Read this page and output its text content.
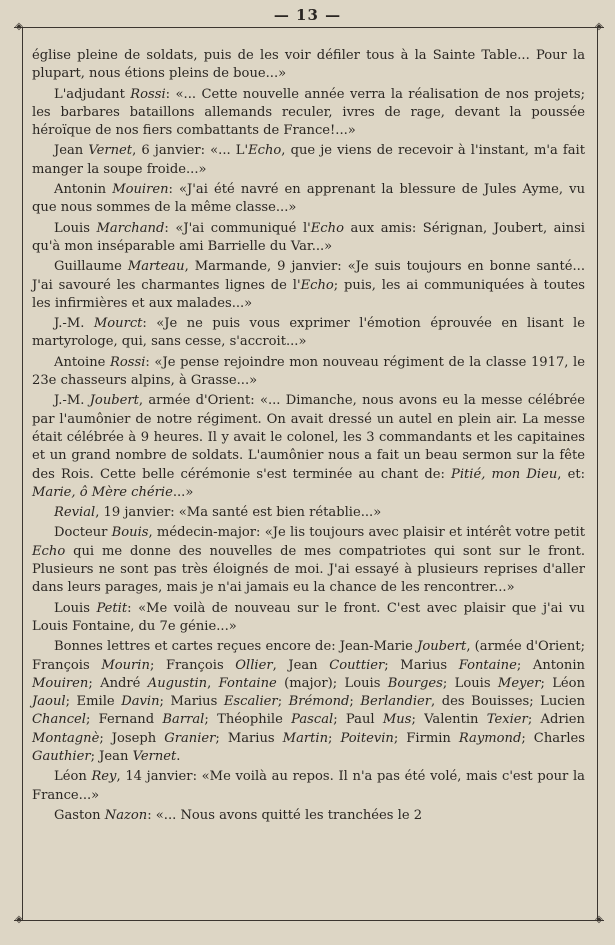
— 13 —
◈	◈
◈	◈

église pleine de soldats, puis de les voir défiler tous à la Sainte Table... Pour la plupart, nous étions pleins de boue...»

L'adjudant Rossi: «... Cette nouvelle année verra la réalisation de nos projets; les barbares bataillons allemands reculer, ivres de rage, devant la poussée héroïque de nos fiers combattants de France!...»

Jean Vernet, 6 janvier: «... L'Echo, que je viens de recevoir à l'instant, m'a fait manger la soupe froide...»

Antonin Mouiren: «J'ai été navré en apprenant la blessure de Jules Ayme, vu que nous sommes de la même classe...»

Louis Marchand: «J'ai communiqué l'Echo aux amis: Sérignan, Joubert, ainsi qu'à mon inséparable ami Barrielle du Var...»

Guillaume Marteau, Marmande, 9 janvier: «Je suis toujours en bonne santé... J'ai savouré les charmantes lignes de l'Echo; puis, les ai communiquées à toutes les infirmières et aux malades...»

J.-M. Mourct: «Je ne puis vous exprimer l'émotion éprouvée en lisant le martyrologe, qui, sans cesse, s'accroit...»

Antoine Rossi: «Je pense rejoindre mon nouveau régiment de la classe 1917, le 23e chasseurs alpins, à Grasse...»

J.-M. Joubert, armée d'Orient: «... Dimanche, nous avons eu la messe célébrée par l'aumônier de notre régiment. On avait dressé un autel en plein air. La messe était célébrée à 9 heures. Il y avait le colonel, les 3 commandants et les capitaines et un grand nombre de soldats. L'aumônier nous a fait un beau sermon sur la fête des Rois. Cette belle cérémonie s'est terminée au chant de: Pitié, mon Dieu, et: Marie, ô Mère chérie...»

Revial, 19 janvier: «Ma santé est bien rétablie...»

Docteur Bouis, médecin-major: «Je lis toujours avec plaisir et intérêt votre petit Echo qui me donne des nouvelles de mes compatriotes qui sont sur le front. Plusieurs ne sont pas très éloignés de moi. J'ai essayé à plusieurs reprises d'aller dans leurs parages, mais je n'ai jamais eu la chance de les rencontrer...»

Louis Petit: «Me voilà de nouveau sur le front. C'est avec plaisir que j'ai vu Louis Fontaine, du 7e génie...»

Bonnes lettres et cartes reçues encore de: Jean-Marie Joubert, (armée d'Orient; François Mourin; François Ollier, Jean Couttier; Marius Fontaine; Antonin Mouiren; André Augustin, Fontaine (major); Louis Bourges; Louis Meyer; Léon Jaoul; Emile Davin; Marius Escalier; Brémond; Berlandier, des Bouisses; Lucien Chancel; Fernand Barral; Théophile Pascal; Paul Mus; Valentin Texier; Adrien Montagnè; Joseph Granier; Marius Martin; Poitevin; Firmin Raymond; Charles Gauthier; Jean Vernet.

Léon Rey, 14 janvier: «Me voilà au repos. Il n'a pas été volé, mais c'est pour la France...»

Gaston Nazon: «... Nous avons quitté les tranchées le 2
